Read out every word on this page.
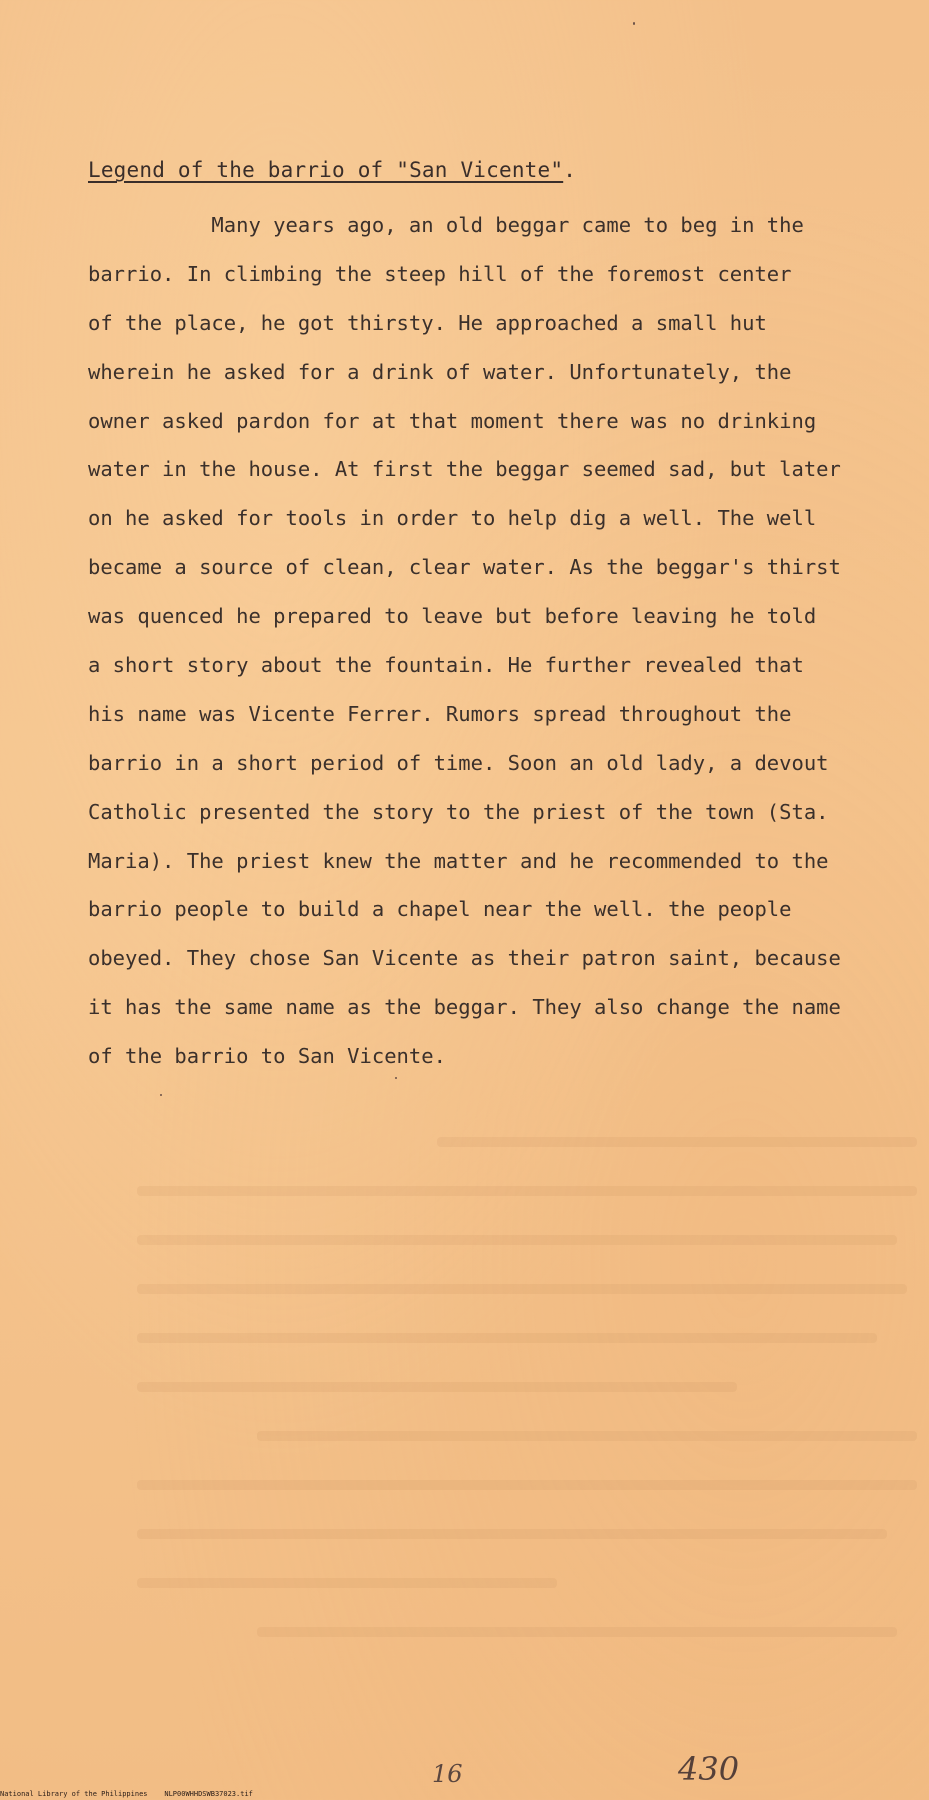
Legend of the barrio of "San Vicente".

Many years ago, an old beggar came to beg in the
barrio. In climbing the steep hill of the foremost center
of the place, he got thirsty. He approached a small hut
wherein he asked for a drink of water. Unfortunately, the
owner asked pardon for at that moment there was no drinking
water in the house. At first the beggar seemed sad, but later
on he asked for tools in order to help dig a well. The well
became a source of clean, clear water. As the beggar's thirst
was quenced he prepared to leave but before leaving he told
a short story about the fountain. He further revealed that
his name was Vicente Ferrer. Rumors spread throughout the
barrio in a short period of time. Soon an old lady, a devout
Catholic presented the story to the priest of the town (Sta.
Maria). The priest knew the matter and he recommended to the
barrio people to build a chapel near the well. the people
obeyed. They chose San Vicente as their patron saint, because
it has the same name as the beggar. They also change the name
of the barrio to San Vicente.

16	430
National Library of the Philippines NLP00WHHDSWB37023.tif
